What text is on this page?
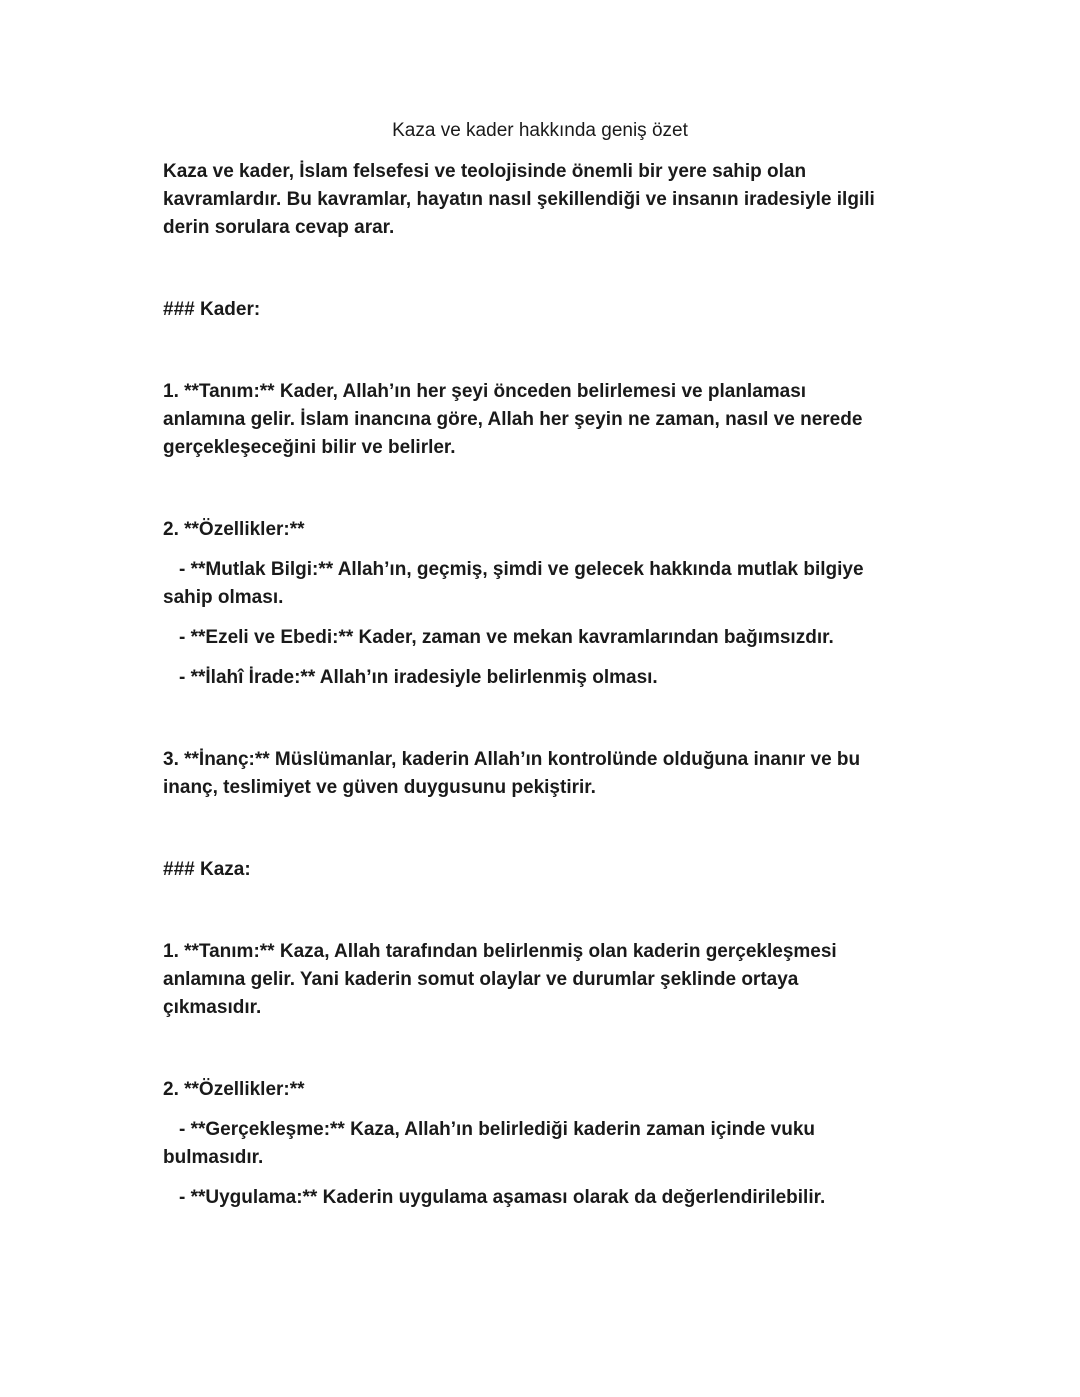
Kaza ve kader hakkında geniş özet

Kaza ve kader, İslam felsefesi ve teolojisinde önemli bir yere sahip olan

kavramlardır. Bu kavramlar, hayatın nasıl şekillendiği ve insanın iradesiyle ilgili

derin sorulara cevap arar.

### Kader:

1. **Tanım:** Kader, Allah’ın her şeyi önceden belirlemesi ve planlaması

anlamına gelir. İslam inancına göre, Allah her şeyin ne zaman, nasıl ve nerede

gerçekleşeceğini bilir ve belirler.

2. **Özellikler:**

- **Mutlak Bilgi:** Allah’ın, geçmiş, şimdi ve gelecek hakkında mutlak bilgiye

sahip olması.

- **Ezeli ve Ebedi:** Kader, zaman ve mekan kavramlarından bağımsızdır.

- **İlahî İrade:** Allah’ın iradesiyle belirlenmiş olması.

3. **İnanç:** Müslümanlar, kaderin Allah’ın kontrolünde olduğuna inanır ve bu

inanç, teslimiyet ve güven duygusunu pekiştirir.

### Kaza:

1. **Tanım:** Kaza, Allah tarafından belirlenmiş olan kaderin gerçekleşmesi

anlamına gelir. Yani kaderin somut olaylar ve durumlar şeklinde ortaya

çıkmasıdır.

2. **Özellikler:**

- **Gerçekleşme:** Kaza, Allah’ın belirlediği kaderin zaman içinde vuku

bulmasıdır.

- **Uygulama:** Kaderin uygulama aşaması olarak da değerlendirilebilir.
